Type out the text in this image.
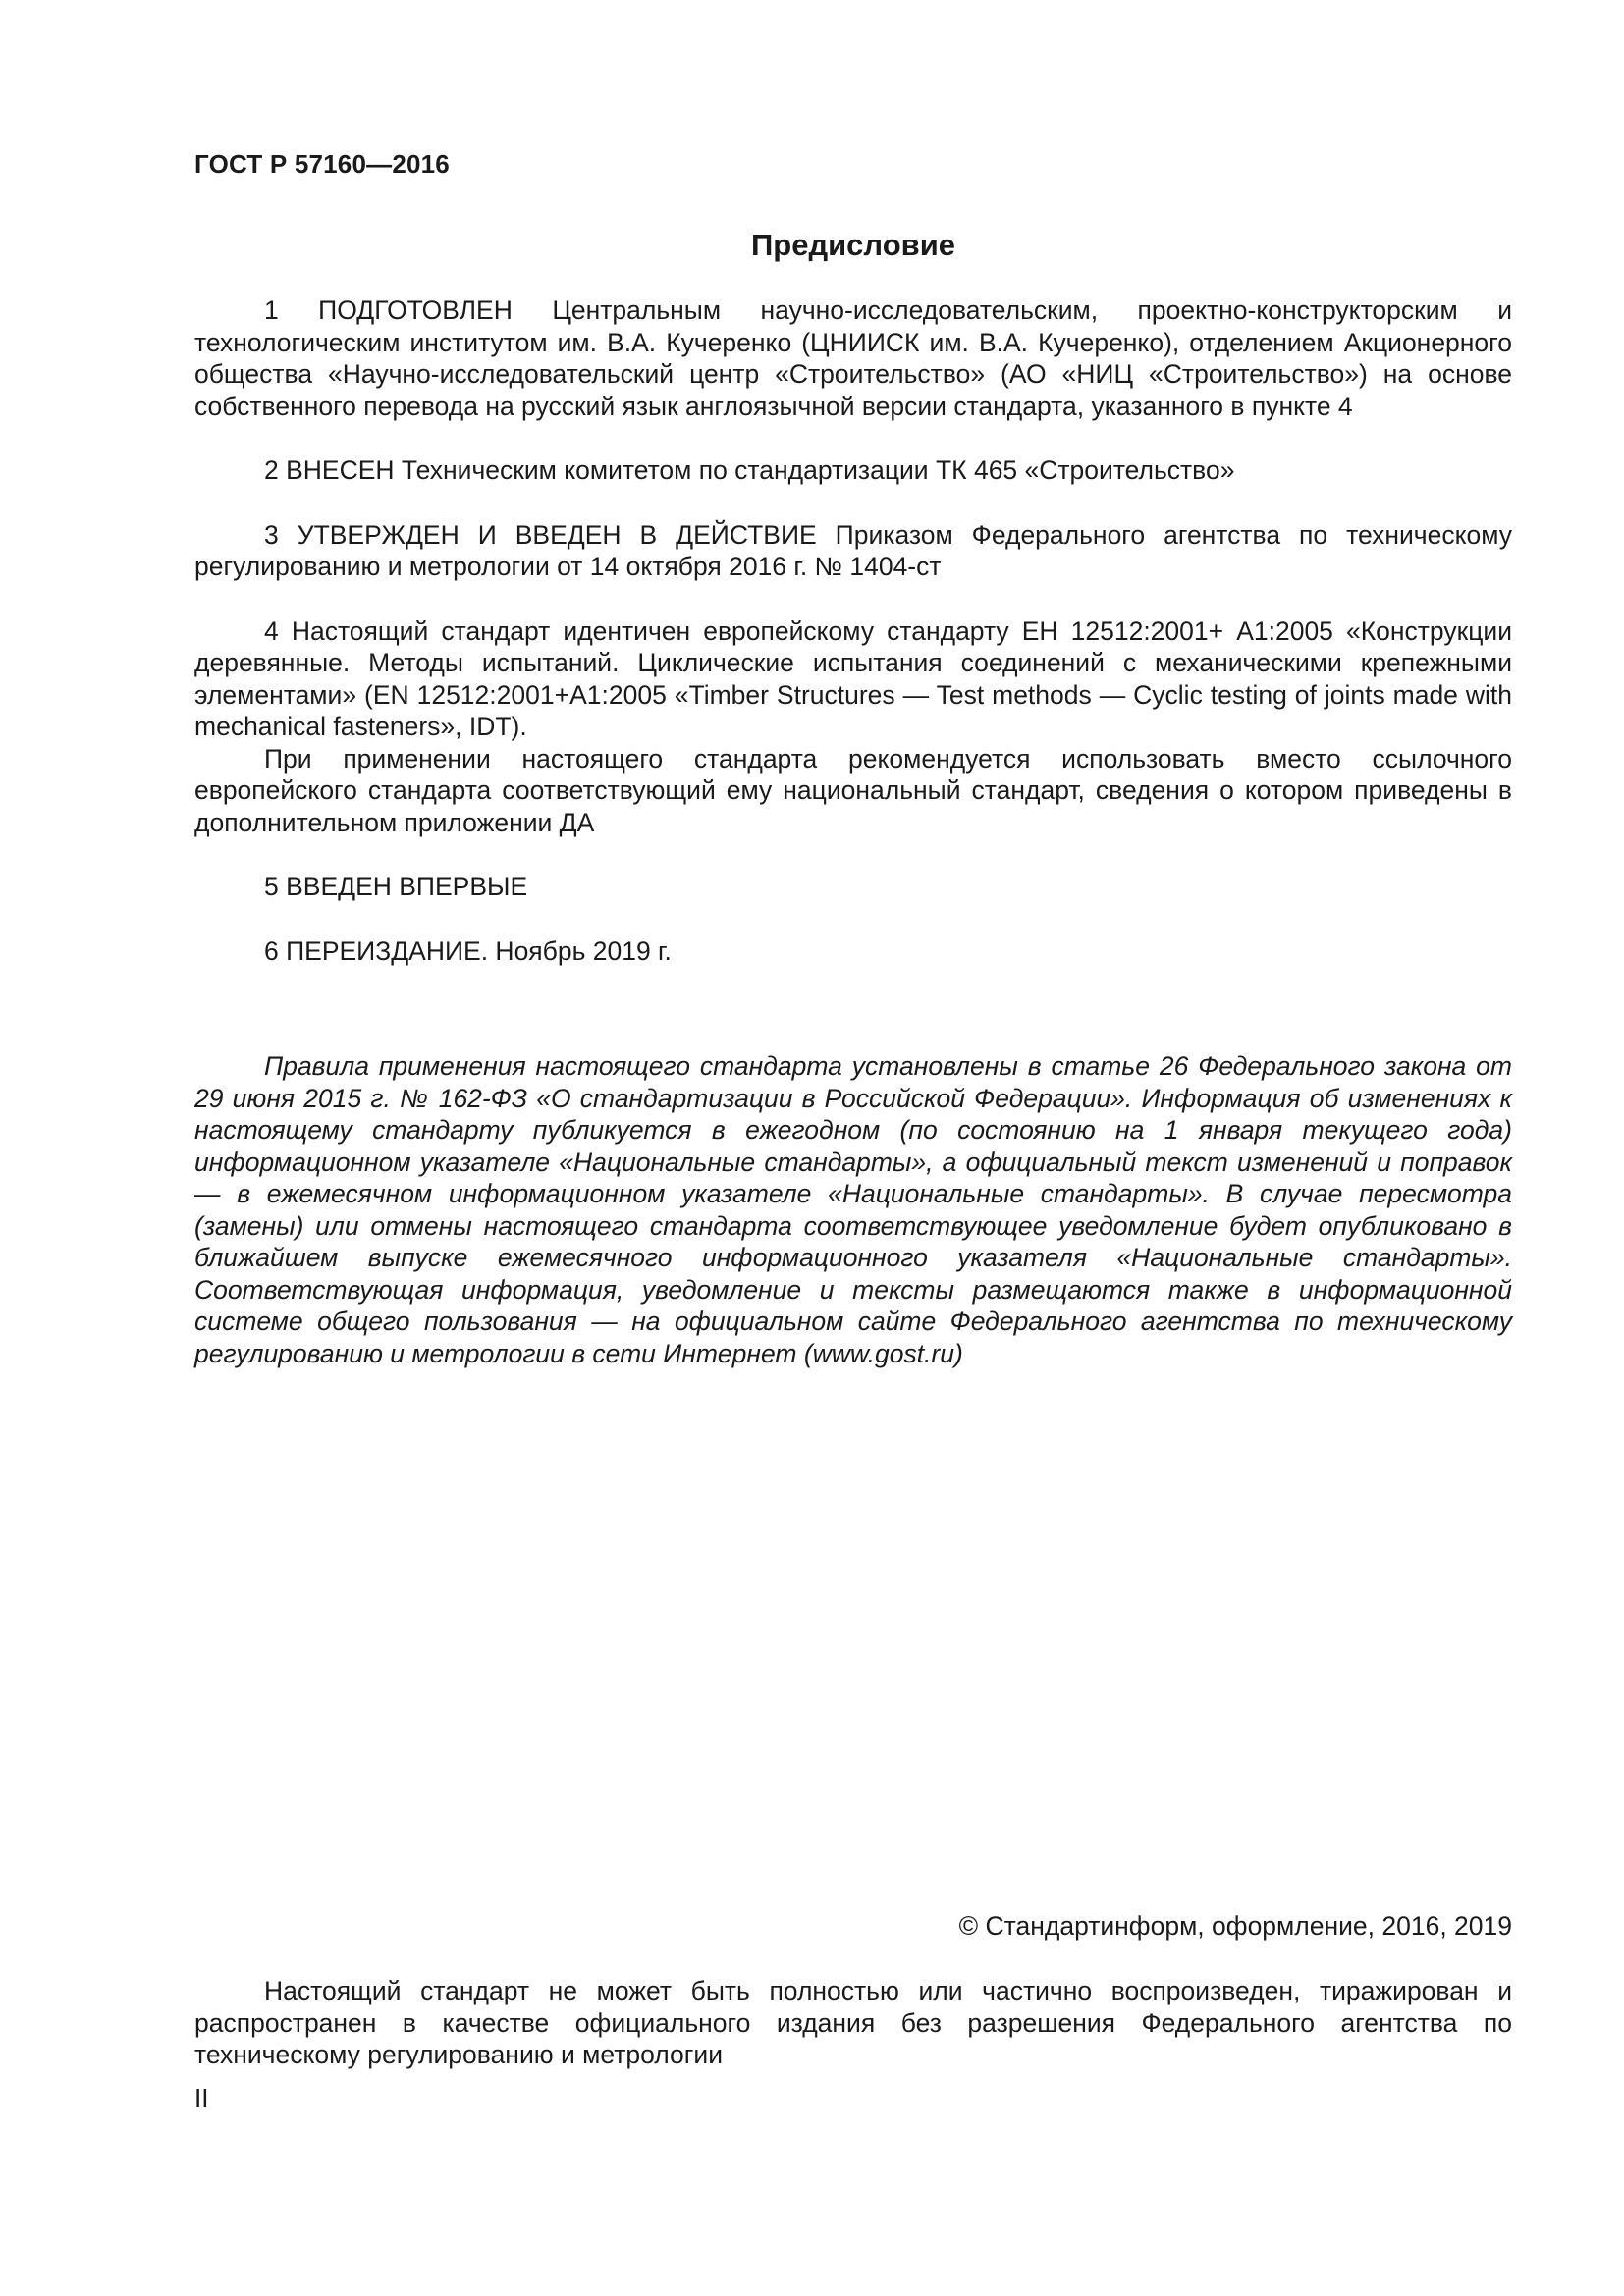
ГОСТ Р 57160—2016
Предисловие

1 ПОДГОТОВЛЕН Центральным научно-исследовательским, проектно-конструкторским и технологическим институтом им. В.А. Кучеренко (ЦНИИСК им. В.А. Кучеренко), отделением Акционерного общества «Научно-исследовательский центр «Строительство» (АО «НИЦ «Строительство») на основе собственного перевода на русский язык англоязычной версии стандарта, указанного в пункте 4

2 ВНЕСЕН Техническим комитетом по стандартизации ТК 465 «Строительство»

3 УТВЕРЖДЕН И ВВЕДЕН В ДЕЙСТВИЕ Приказом Федерального агентства по техническому регулированию и метрологии от 14 октября 2016 г. № 1404-ст

4 Настоящий стандарт идентичен европейскому стандарту ЕН 12512:2001+ А1:2005 «Конструкции деревянные. Методы испытаний. Циклические испытания соединений с механическими крепежными элементами» (EN 12512:2001+A1:2005 «Timber Structures — Test methods — Cyclic testing of joints made with mechanical fasteners», IDT).

При применении настоящего стандарта рекомендуется использовать вместо ссылочного европейского стандарта соответствующий ему национальный стандарт, сведения о котором приведены в дополнительном приложении ДА

5 ВВЕДЕН ВПЕРВЫЕ

6 ПЕРЕИЗДАНИЕ. Ноябрь 2019 г.

Правила применения настоящего стандарта установлены в статье 26 Федерального закона от 29 июня 2015 г. № 162-ФЗ «О стандартизации в Российской Федерации». Информация об изменениях к настоящему стандарту публикуется в ежегодном (по состоянию на 1 января текущего года) информационном указателе «Национальные стандарты», а официальный текст изменений и поправок — в ежемесячном информационном указателе «Национальные стандарты». В случае пересмотра (замены) или отмены настоящего стандарта соответствующее уведомление будет опубликовано в ближайшем выпуске ежемесячного информационного указателя «Национальные стандарты». Соответствующая информация, уведомление и тексты размещаются также в информационной системе общего пользования — на официальном сайте Федерального агентства по техническому регулированию и метрологии в сети Интернет (www.gost.ru)

© Стандартинформ, оформление, 2016, 2019

Настоящий стандарт не может быть полностью или частично воспроизведен, тиражирован и распространен в качестве официального издания без разрешения Федерального агентства по техническому регулированию и метрологии

II
